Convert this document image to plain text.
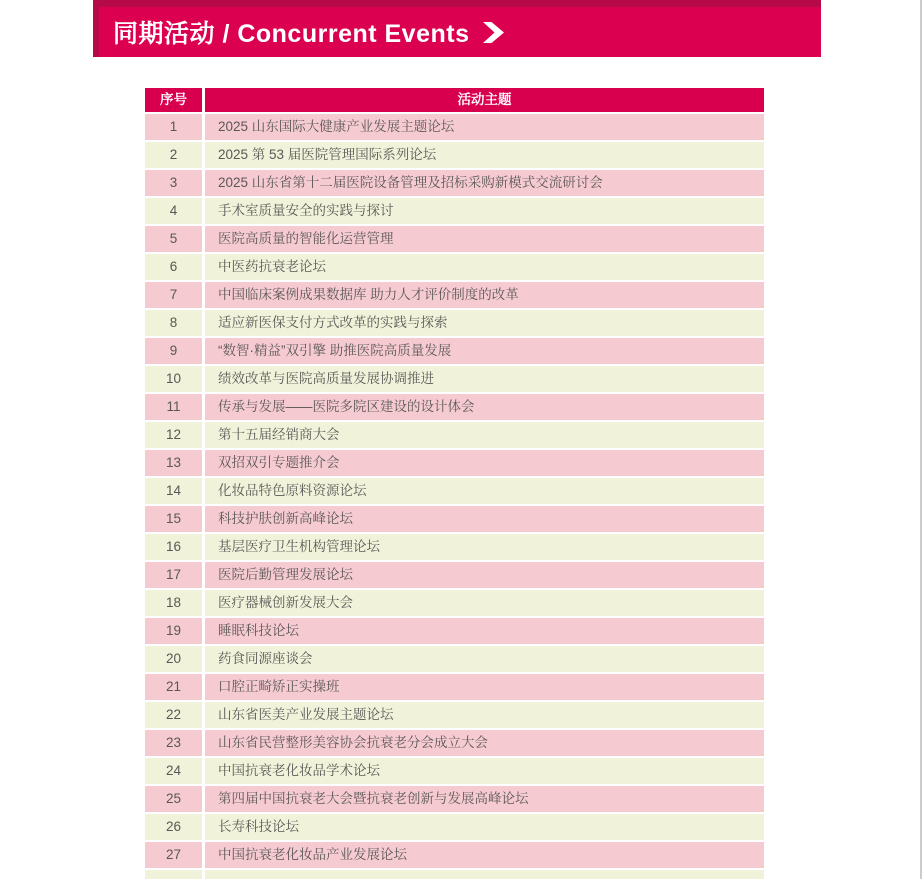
同期活动 / Concurrent Events
序号	活动主题
1	2025 山东国际大健康产业发展主题论坛
2	2025 第 53 届医院管理国际系列论坛
3	2025 山东省第十二届医院设备管理及招标采购新模式交流研讨会
4	手术室质量安全的实践与探讨
5	医院高质量的智能化运营管理
6	中医药抗衰老论坛
7	中国临床案例成果数据库 助力人才评价制度的改革
8	适应新医保支付方式改革的实践与探索
9	“数智·精益”双引擎 助推医院高质量发展
10	绩效改革与医院高质量发展协调推进
11	传承与发展——医院多院区建设的设计体会
12	第十五届经销商大会
13	双招双引专题推介会
14	化妆品特色原料资源论坛
15	科技护肤创新高峰论坛
16	基层医疗卫生机构管理论坛
17	医院后勤管理发展论坛
18	医疗器械创新发展大会
19	睡眠科技论坛
20	药食同源座谈会
21	口腔正畸矫正实操班
22	山东省医美产业发展主题论坛
23	山东省民营整形美容协会抗衰老分会成立大会
24	中国抗衰老化妆品学术论坛
25	第四届中国抗衰老大会暨抗衰老创新与发展高峰论坛
26	长寿科技论坛
27	中国抗衰老化妆品产业发展论坛
